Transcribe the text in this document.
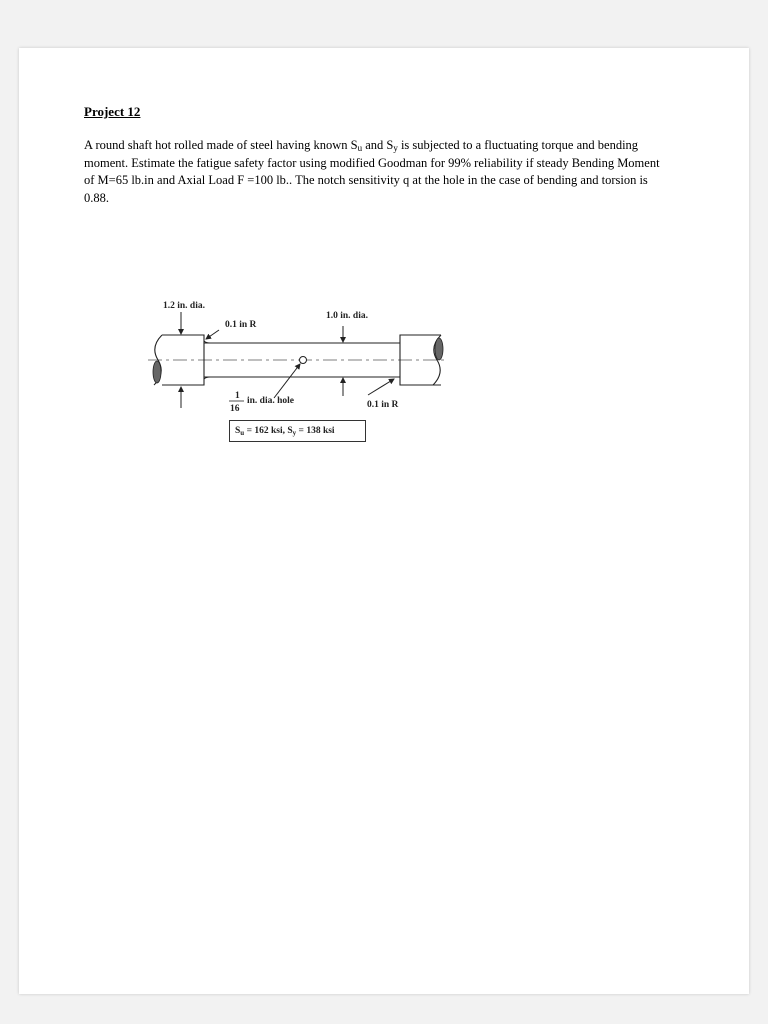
Project 12
A round shaft hot rolled made of steel having known $S_u$ and $S_y$ is subjected to a fluctuating torque and bending moment. Estimate the fatigue safety factor using modified Goodman for 99% reliability if steady Bending Moment of M=65 lb.in and Axial Load F =100 lb.. The notch sensitivity q at the hole in the case of bending and torsion is 0.88.
1.2 in. dia.
1.0 in. dia.
0.1 in R
0.1 in R
1
16
in. dia. hole
$S_u = 162$ ksi, $S_y = 138$ ksi
